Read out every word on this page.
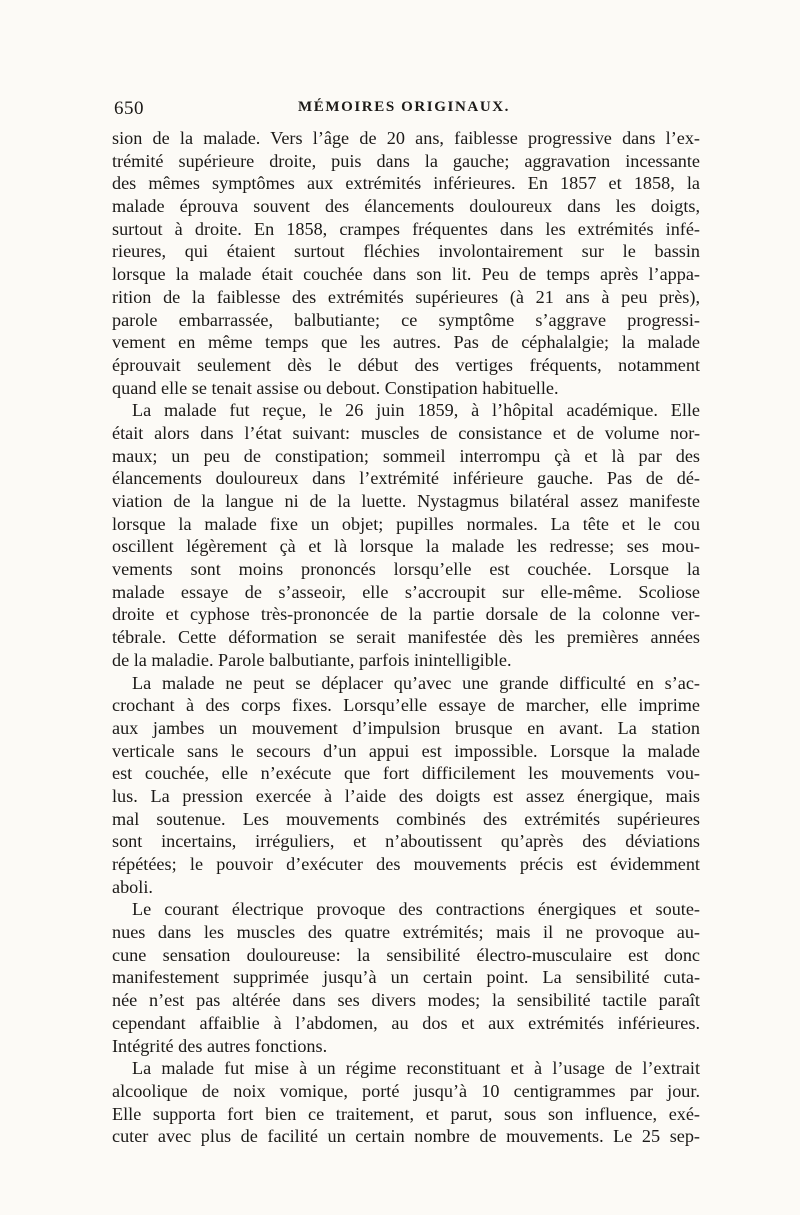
650	MÉMOIRES ORIGINAUX.
sion de la malade. Vers l’âge de 20 ans, faiblesse progressive dans l’ex-
trémité supérieure droite, puis dans la gauche; aggravation incessante
des mêmes symptômes aux extrémités inférieures. En 1857 et 1858, la
malade éprouva souvent des élancements douloureux dans les doigts,
surtout à droite. En 1858, crampes fréquentes dans les extrémités infé-
rieures, qui étaient surtout fléchies involontairement sur le bassin
lorsque la malade était couchée dans son lit. Peu de temps après l’appa-
rition de la faiblesse des extrémités supérieures (à 21 ans à peu près),
parole embarrassée, balbutiante; ce symptôme s’aggrave progressi-
vement en même temps que les autres. Pas de céphalalgie; la malade
éprouvait seulement dès le début des vertiges fréquents, notamment
quand elle se tenait assise ou debout. Constipation habituelle.
La malade fut reçue, le 26 juin 1859, à l’hôpital académique. Elle
était alors dans l’état suivant: muscles de consistance et de volume nor-
maux; un peu de constipation; sommeil interrompu çà et là par des
élancements douloureux dans l’extrémité inférieure gauche. Pas de dé-
viation de la langue ni de la luette. Nystagmus bilatéral assez manifeste
lorsque la malade fixe un objet; pupilles normales. La tête et le cou
oscillent légèrement çà et là lorsque la malade les redresse; ses mou-
vements sont moins prononcés lorsqu’elle est couchée. Lorsque la
malade essaye de s’asseoir, elle s’accroupit sur elle-même. Scoliose
droite et cyphose très-prononcée de la partie dorsale de la colonne ver-
tébrale. Cette déformation se serait manifestée dès les premières années
de la maladie. Parole balbutiante, parfois inintelligible.
La malade ne peut se déplacer qu’avec une grande difficulté en s’ac-
crochant à des corps fixes. Lorsqu’elle essaye de marcher, elle imprime
aux jambes un mouvement d’impulsion brusque en avant. La station
verticale sans le secours d’un appui est impossible. Lorsque la malade
est couchée, elle n’exécute que fort difficilement les mouvements vou-
lus. La pression exercée à l’aide des doigts est assez énergique, mais
mal soutenue. Les mouvements combinés des extrémités supérieures
sont incertains, irréguliers, et n’aboutissent qu’après des déviations
répétées; le pouvoir d’exécuter des mouvements précis est évidemment
aboli.
Le courant électrique provoque des contractions énergiques et soute-
nues dans les muscles des quatre extrémités; mais il ne provoque au-
cune sensation douloureuse: la sensibilité électro-musculaire est donc
manifestement supprimée jusqu’à un certain point. La sensibilité cuta-
née n’est pas altérée dans ses divers modes; la sensibilité tactile paraît
cependant affaiblie à l’abdomen, au dos et aux extrémités inférieures.
Intégrité des autres fonctions.
La malade fut mise à un régime reconstituant et à l’usage de l’extrait
alcoolique de noix vomique, porté jusqu’à 10 centigrammes par jour.
Elle supporta fort bien ce traitement, et parut, sous son influence, exé-
cuter avec plus de facilité un certain nombre de mouvements. Le 25 sep-
